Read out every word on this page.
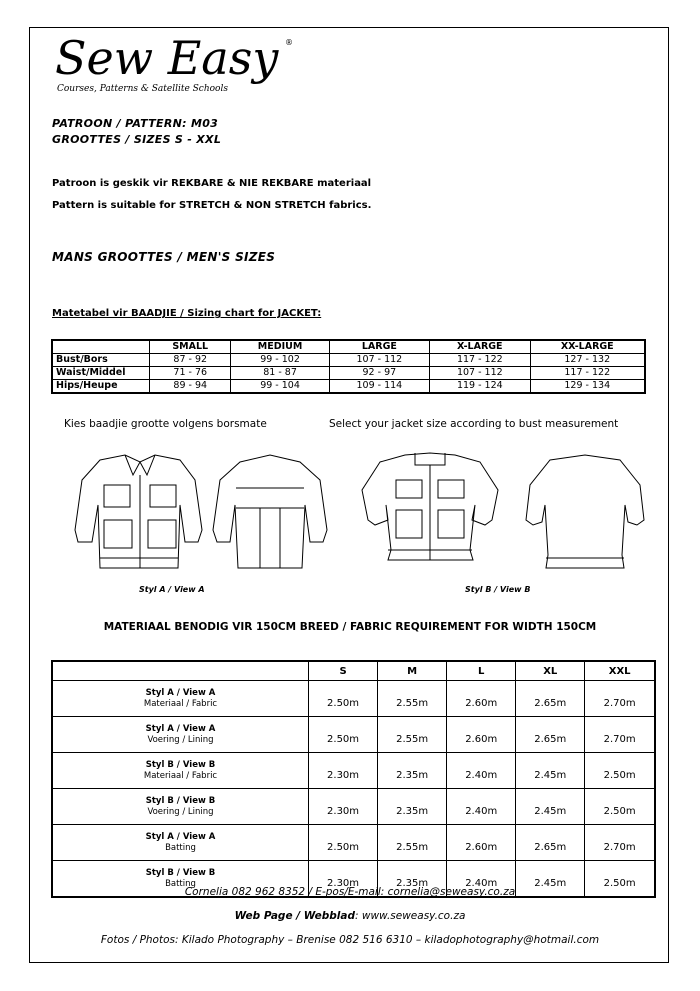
Sew Easy ®
Courses, Patterns & Satellite Schools
PATROON / PATTERN: M03
GROOTTES / SIZES S - XXL
Patroon is geskik vir REKBARE & NIE REKBARE materiaal
Pattern is suitable for STRETCH & NON STRETCH fabrics.
MANS GROOTTES / MEN'S SIZES
Matetabel vir BAADJIE / Sizing chart for JACKET:
	SMALL	MEDIUM	LARGE	X-LARGE	XX-LARGE
Bust/Bors	87 - 92	99 - 102	107 - 112	117 - 122	127 - 132
Waist/Middel	71 - 76	81 - 87	92 - 97	107 - 112	117 - 122
Hips/Heupe	89 - 94	99 - 104	109 - 114	119 - 124	129 - 134
Kies baadjie grootte volgens borsmate	Select your jacket size according to bust measurement
Styl A / View A	Styl B / View B
MATERIAAL BENODIG VIR 150CM BREED / FABRIC REQUIREMENT FOR WIDTH 150CM
	S	M	L	XL	XXL

Styl A / View A
Materiaal / Fabric	2.50m	2.55m	2.60m	2.65m	2.70m

Styl A / View A
Voering / Lining	2.50m	2.55m	2.60m	2.65m	2.70m

Styl B / View B
Materiaal / Fabric	2.30m	2.35m	2.40m	2.45m	2.50m

Styl B / View B
Voering / Lining	2.30m	2.35m	2.40m	2.45m	2.50m

Styl A / View A
Batting	2.50m	2.55m	2.60m	2.65m	2.70m

Styl B / View B
Batting	2.30m	2.35m	2.40m	2.45m	2.50m
Cornelia 082 962 8352 / E-pos/E-mail: cornelia@seweasy.co.za
Web Page / Webblad: www.seweasy.co.za
Fotos / Photos: Kilado Photography – Brenise 082 516 6310 – kiladophotography@hotmail.com
